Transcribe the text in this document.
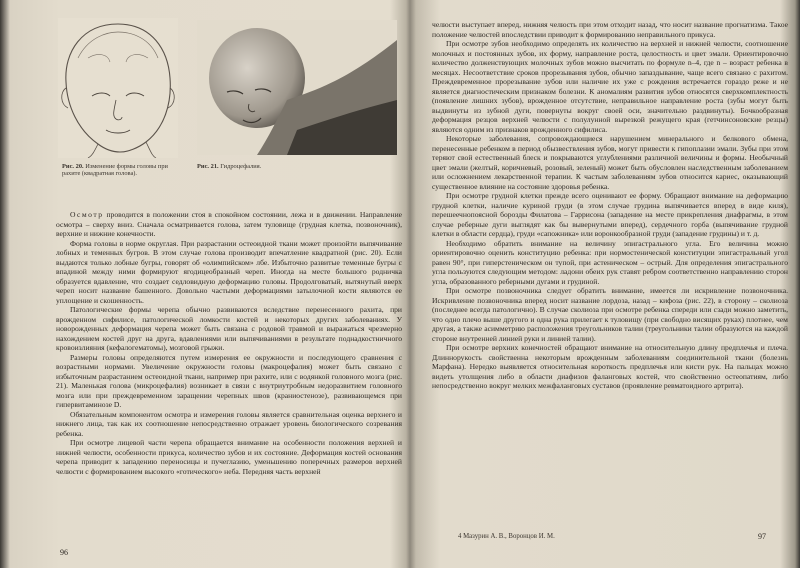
Рис. 20. Изменение формы головы при рахите (квадратная голова).
Рис. 21. Гидроцефалия.

Осмотр проводится в положении стоя в спокойном состоянии, лежа и в движении. Направление осмотра – сверху вниз. Сначала осматривается голова, затем туловище (грудная клетка, позвоночник), верхние и нижние конечности.

Форма головы в норме округлая. При разрастании остеоидной ткани может произойти выпячивание лобных и теменных бугров. В этом случае голова производит впечатление квадратной (рис. 20). Если выдаются только лобные бугры, говорят об «олимпийском» лбе. Избыточно развитые теменные бугры с впадиной между ними формируют ягодицеобразный череп. Иногда на месте большого родничка образуется вдавление, что создает седловидную деформацию головы. Продолговатый, вытянутый вверх череп носит название башенного. Довольно частыми деформациями затылочной кости являются ее уплощение и скошенность.

Патологические формы черепа обычно развиваются вследствие перенесенного рахита, при врожденном сифилисе, патологической ломкости костей и некоторых других заболеваниях. У новорожденных деформация черепа может быть связана с родовой травмой и выражаться чрезмерно нахождением костей друг на друга, вдавлениями или выпячиваниями в результате поднадкостничного кровоизлияния (кефалогематомы), мозговой грыжи.

Размеры головы определяются путем измерения ее окружности и последующего сравнения с возрастными нормами. Увеличение окружности головы (макроцефалия) может быть связано с избыточным разрастанием остеоидной ткани, например при рахите, или с водянкой головного мозга (рис. 21). Маленькая голова (микроцефалия) возникает в связи с внутриутробным недоразвитием головного мозга или при преждевременном заращении черепных швов (краниостенозе), развивающемся при гипервитаминозе D.

Обязательным компонентом осмотра и измерения головы является сравнительная оценка верхнего и нижнего лица, так как их соотношение непосредственно отражает уровень биологического созревания ребенка.

При осмотре лицевой части черепа обращается внимание на особенности положения верхней и нижней челюсти, особенности прикуса, количество зубов и их состояние. Деформация костей основания черепа приводит к западению переносицы и пучеглазию, уменьшению поперечных размеров верхней челюсти с формированием высокого «готического» неба. Передняя часть верхней

96

челюсти выступает вперед, нижняя челюсть при этом отходит назад, что носит название прогнатизма. Такое положение челюстей впоследствии приводит к формированию неправильного прикуса.

При осмотре зубов необходимо определять их количество на верхней и нижней челюсти, соотношение молочных и постоянных зубов, их форму, направление роста, целостность и цвет эмали. Ориентировочно количество долженствующих молочных зубов можно высчитать по формуле n–4, где n – возраст ребенка в месяцах. Несоответствие сроков прорезывания зубов, обычно запаздывание, чаще всего связано с рахитом. Преждевременное прорезывание зубов или наличие их уже с рождения встречается гораздо реже и не является диагностическим признаком болезни. К аномалиям развития зубов относятся сверхкомплектность (появление лишних зубов), врожденное отсутствие, неправильное направление роста (зубы могут быть выдвинуты из зубной дуги, повернуты вокруг своей оси, значительно раздвинуты). Бочкообразная деформация резцов верхней челюсти с полулунной вырезкой режущего края (гетчинсоновские резцы) являются одним из признаков врожденного сифилиса.

Некоторые заболевания, сопровождающиеся нарушением минерального и белкового обмена, перенесенные ребенком в период обызвествления зубов, могут привести к гипоплазии эмали. Зубы при этом теряют свой естественный блеск и покрываются углублениями различной величины и формы. Необычный цвет эмали (желтый, коричневый, розовый, зеленый) может быть обусловлен наследственным заболеванием или осложнением лекарственной терапии. К частым заболеваниям зубов относится кариес, оказывающий существенное влияние на состояние здоровья ребенка.

При осмотре грудной клетки прежде всего оценивают ее форму. Обращают внимание на деформацию грудной клетки, наличие куриной груди (в этом случае грудина выпячивается вперед в виде киля), перешеечнопоясной борозды Филатова – Гаррисона (западение на месте прикрепления диафрагмы, в этом случае реберные дуги выглядят как бы вывернутыми вперед), сердечного горба (выпячивание грудной клетки в области сердца), груди «сапожника» или воронкообразной груди (западение грудины) и т. д.

Необходимо обратить внимание на величину эпигастрального угла. Его величина можно ориентировочно оценить конституцию ребенка: при нормостенической конституции эпигастральный угол равен 90°, при гиперстеническом он тупой, при астеническом – острый. Для определения эпигастрального угла пользуются следующим методом: ладони обеих рук ставят ребром соответственно направлению сторон угла, образованного реберными дугами и грудиной.

При осмотре позвоночника следует обратить внимание, имеется ли искривление позвоночника. Искривление позвоночника вперед носит название лордоза, назад – кифоза (рис. 22), в сторону – сколиоза (последнее всегда патологично). В случае сколиоза при осмотре ребенка спереди или сзади можно заметить, что одно плечо выше другого и одна рука прилегает к туловищу (при свободно висящих руках) плотнее, чем другая, а также асимметрию расположения треугольников талии (треугольники талии образуются на каждой стороне внутренней линией руки и линией талии).

При осмотре верхних конечностей обращают внимание на относительную длину предплечья и плеча. Длиннорукость свойственна некоторым врожденным заболеваниям соединительной ткани (болезнь Марфана). Нередко выявляется относительная короткость предплечья или кисти рук. На пальцах можно видеть утолщения либо в области диафизов фаланговых костей, что свойственно остеопатиям, либо непосредственно вокруг мелких межфаланговых суставов (проявление ревматоидного артрита).

4 Мазурин А. В., Воронцов И. М.	97
